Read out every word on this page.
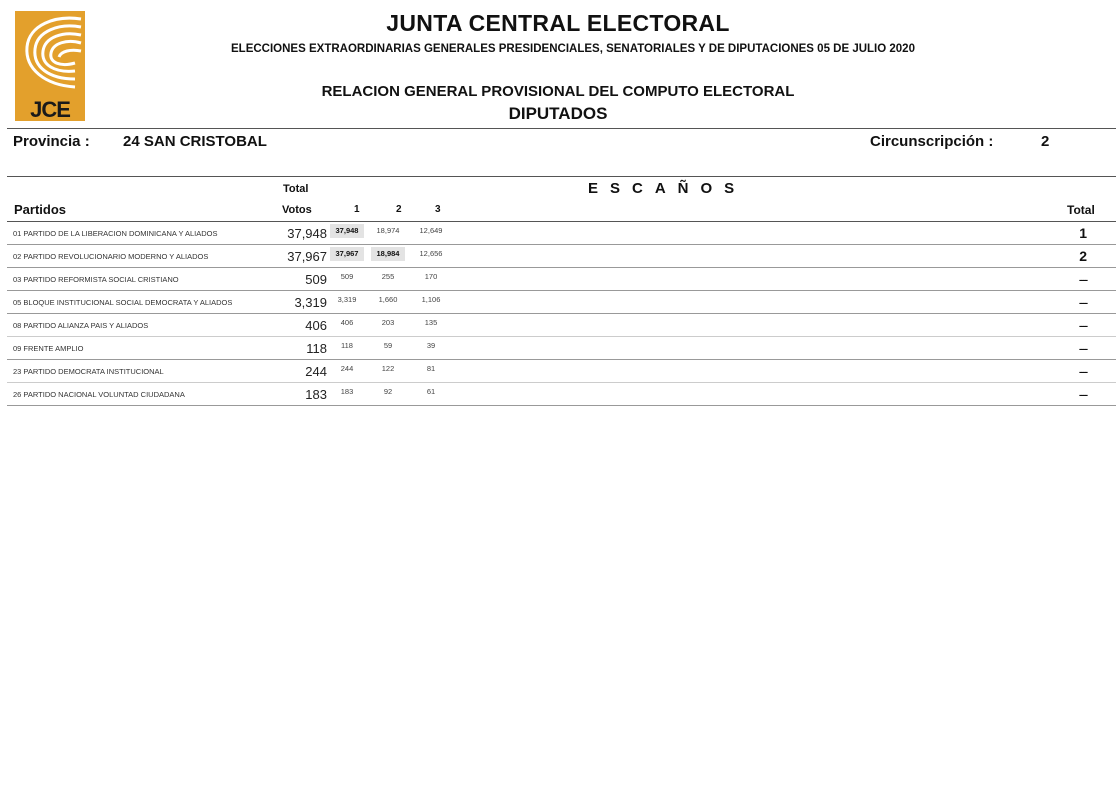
JCE
JUNTA CENTRAL ELECTORAL
ELECCIONES EXTRAORDINARIAS GENERALES PRESIDENCIALES, SENATORIALES Y DE DIPUTACIONES 05 DE JULIO 2020
RELACION GENERAL PROVISIONAL DEL COMPUTO ELECTORAL
DIPUTADOS
Provincia : 24 SAN CRISTOBAL	Circunscripción :	2
Total
Votos
Partidos
ESCAÑOS
1	2	3	Total
01 PARTIDO DE LA LIBERACION DOMINICANA Y ALIADOS	37,948	37,948	18,974	12,649	1
02 PARTIDO REVOLUCIONARIO MODERNO Y ALIADOS	37,967	37,967	18,984	12,656	2
03 PARTIDO REFORMISTA SOCIAL CRISTIANO	509	509	255	170	----
05 BLOQUE INSTITUCIONAL SOCIAL DEMOCRATA Y ALIADOS	3,319	3,319	1,660	1,106	----
08 PARTIDO ALIANZA PAIS Y ALIADOS	406	406	203	135	----
09 FRENTE AMPLIO	118	118	59	39	----
23 PARTIDO DEMOCRATA INSTITUCIONAL	244	244	122	81	----
26 PARTIDO NACIONAL VOLUNTAD CIUDADANA	183	183	92	61	----
